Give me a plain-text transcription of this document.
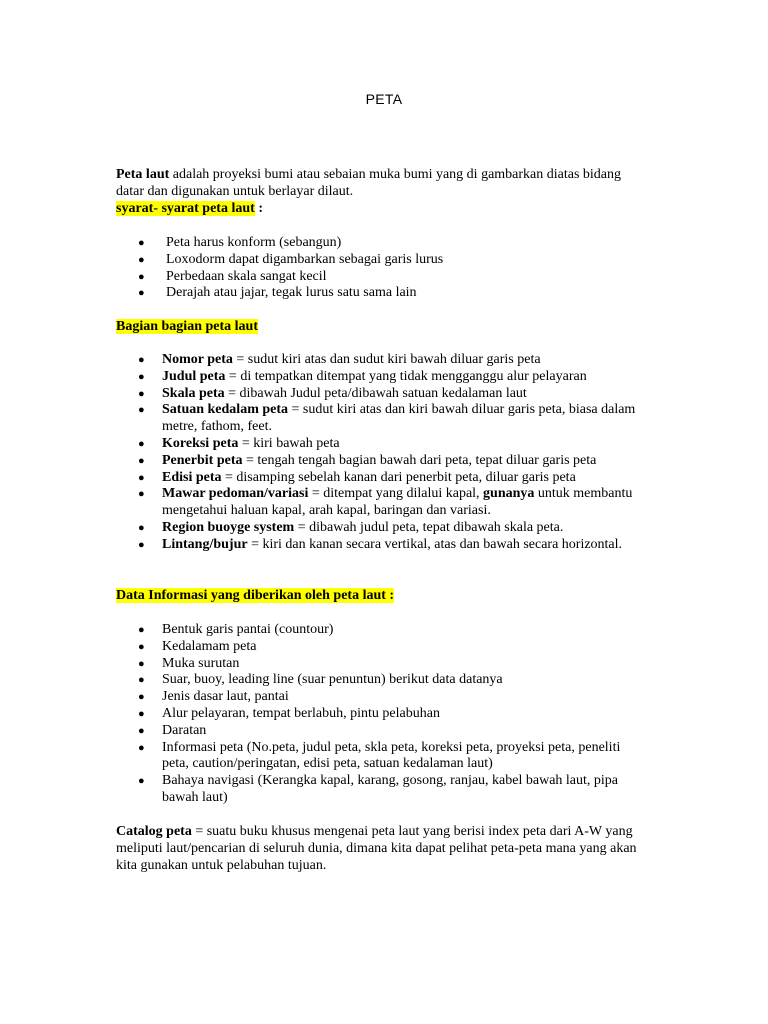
PETA

Peta laut adalah proyeksi bumi atau sebaian muka bumi yang di gambarkan diatas bidang datar dan digunakan untuk berlayar dilaut.

syarat- syarat peta laut :

● Peta harus konform (sebangun)
● Loxodorm dapat digambarkan sebagai garis lurus
● Perbedaan skala sangat kecil
● Derajah atau jajar, tegak lurus satu sama lain

Bagian bagian peta laut

● Nomor peta = sudut kiri atas dan sudut kiri bawah diluar garis peta
● Judul peta = di tempatkan ditempat yang tidak mengganggu alur pelayaran
● Skala peta = dibawah Judul peta/dibawah satuan kedalaman laut
● Satuan kedalam peta = sudut kiri atas dan kiri bawah diluar garis peta, biasa dalam metre, fathom, feet.
● Koreksi peta = kiri bawah peta
● Penerbit peta = tengah tengah bagian bawah dari peta, tepat diluar garis peta
● Edisi peta = disamping sebelah kanan dari penerbit peta, diluar garis peta
● Mawar pedoman/variasi = ditempat yang dilalui kapal, gunanya untuk membantu mengetahui haluan kapal, arah kapal, baringan dan variasi.
● Region buoyge system = dibawah judul peta, tepat dibawah skala peta.
● Lintang/bujur = kiri dan kanan secara vertikal, atas dan bawah secara horizontal.

Data Informasi yang diberikan oleh peta laut :

● Bentuk garis pantai (countour)
● Kedalamam peta
● Muka surutan
● Suar, buoy, leading line (suar penuntun) berikut data datanya
● Jenis dasar laut, pantai
● Alur pelayaran, tempat berlabuh, pintu pelabuhan
● Daratan
● Informasi peta (No.peta, judul peta, skla peta, koreksi peta, proyeksi peta, peneliti peta, caution/peringatan, edisi peta, satuan kedalaman laut)
● Bahaya navigasi (Kerangka kapal, karang, gosong, ranjau, kabel bawah laut, pipa bawah laut)

Catalog peta = suatu buku khusus mengenai peta laut yang berisi index peta dari A-W yang meliputi laut/pencarian di seluruh dunia, dimana kita dapat pelihat peta-peta mana yang akan kita gunakan untuk pelabuhan tujuan.
